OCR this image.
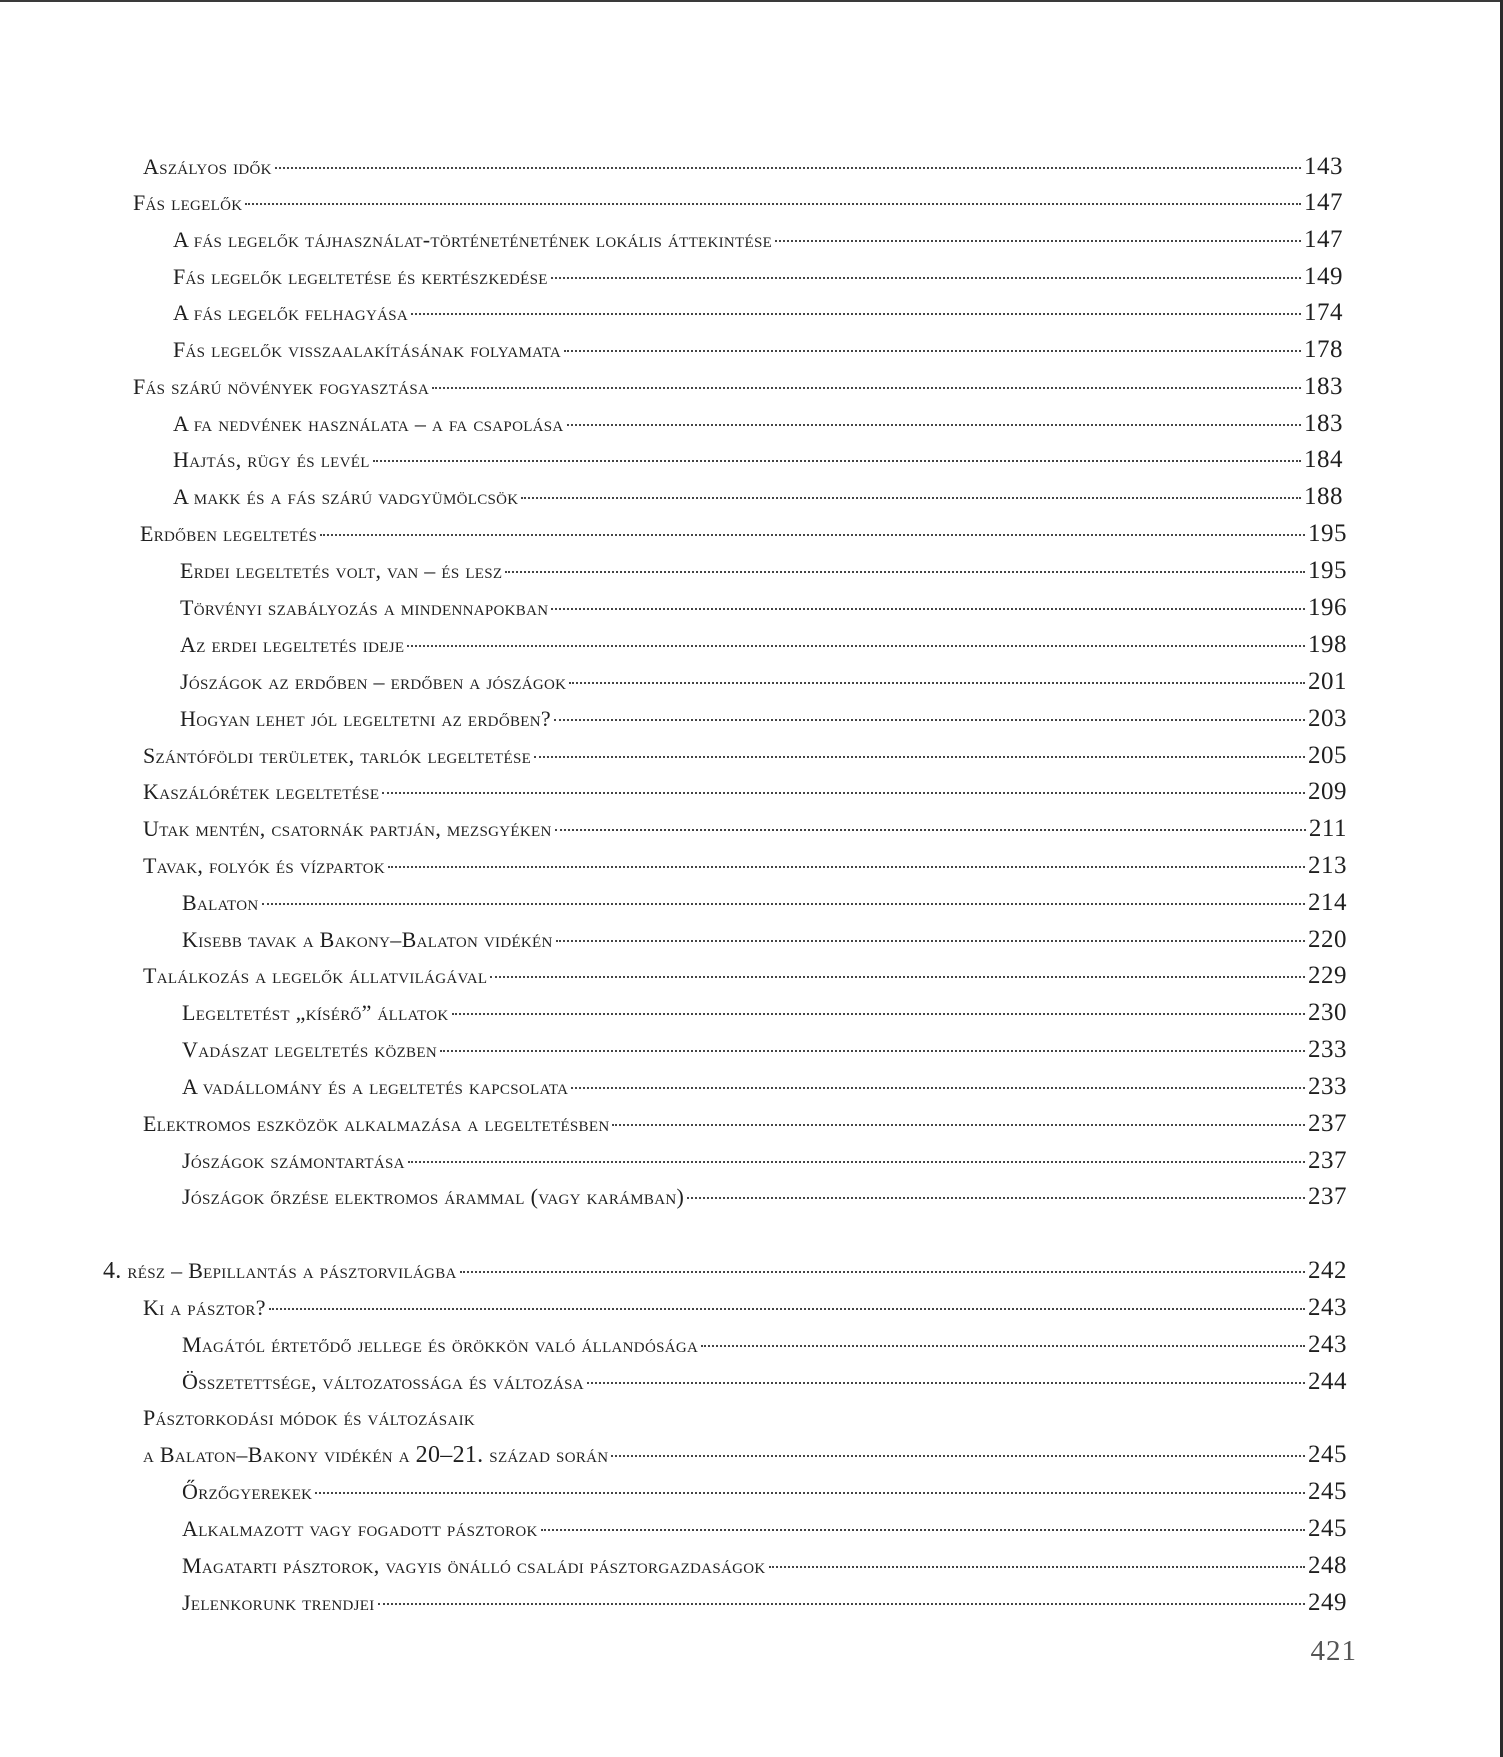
Aszályos idők	143
Fás legelők	147
A fás legelők tájhasználat-történeténetének lokális áttekintése	147
Fás legelők legeltetése és kertészkedése	149
A fás legelők felhagyása	174
Fás legelők visszaalakításának folyamata	178
Fás szárú növények fogyasztása	183
A fa nedvének használata – a fa csapolása	183
Hajtás, rügy és levél	184
A makk és a fás szárú vadgyümölcsök	188
Erdőben legeltetés	195
Erdei legeltetés volt, van – és lesz	195
Törvényi szabályozás a mindennapokban	196
Az erdei legeltetés ideje	198
Jószágok az erdőben – erdőben a jószágok	201
Hogyan lehet jól legeltetni az erdőben?	203
Szántóföldi területek, tarlók legeltetése	205
Kaszálórétek legeltetése	209
Utak mentén, csatornák partján, mezsgyéken	211
Tavak, folyók és vízpartok	213
Balaton	214
Kisebb tavak a Bakony–Balaton vidékén	220
Találkozás a legelők állatvilágával	229
Legeltetést „kísérő” állatok	230
Vadászat legeltetés közben	233
A vadállomány és a legeltetés kapcsolata	233
Elektromos eszközök alkalmazása a legeltetésben	237
Jószágok számontartása	237
Jószágok őrzése elektromos árammal (vagy karámban)	237
4. rész – Bepillantás a pásztorvilágba	242
Ki a pásztor?	243
Magától értetődő jellege és örökkön való állandósága	243
Összetettsége, változatossága és változása	244
Pásztorkodási módok és változásaik
a Balaton–Bakony vidékén a 20–21. század során	245
Őrzőgyerekek	245
Alkalmazott vagy fogadott pásztorok	245
Magatarti pásztorok, vagyis önálló családi pásztorgazdaságok	248
Jelenkorunk trendjei	249
421
